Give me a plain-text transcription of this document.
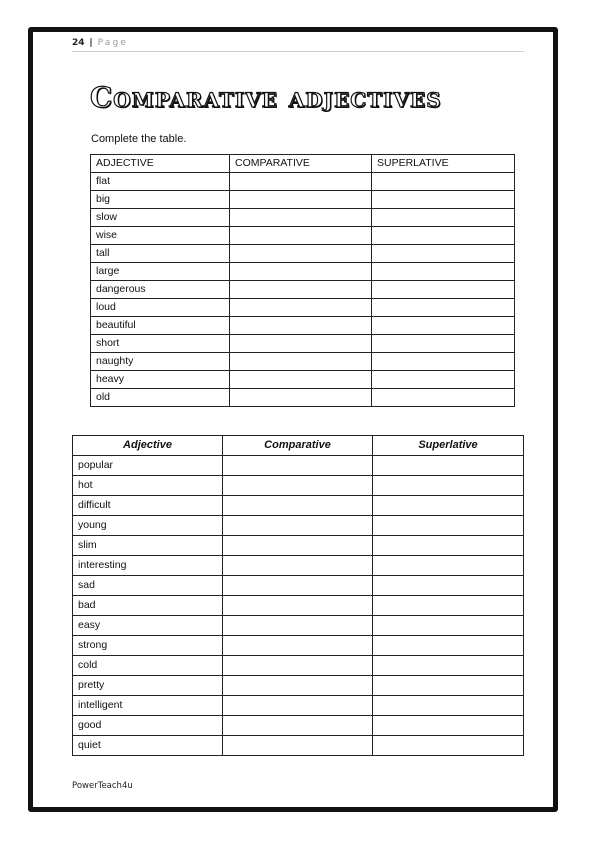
24 | Page
Comparative adjectives
Complete the table.
ADJECTIVE	COMPARATIVE	SUPERLATIVE
flat		
big		
slow		
wise		
tall		
large		
dangerous		
loud		
beautiful		
short		
naughty		
heavy		
old		
Adjective	Comparative	Superlative
popular		
hot		
difficult		
young		
slim		
interesting		
sad		
bad		
easy		
strong		
cold		
pretty		
intelligent		
good		
quiet		
PowerTeach4u
